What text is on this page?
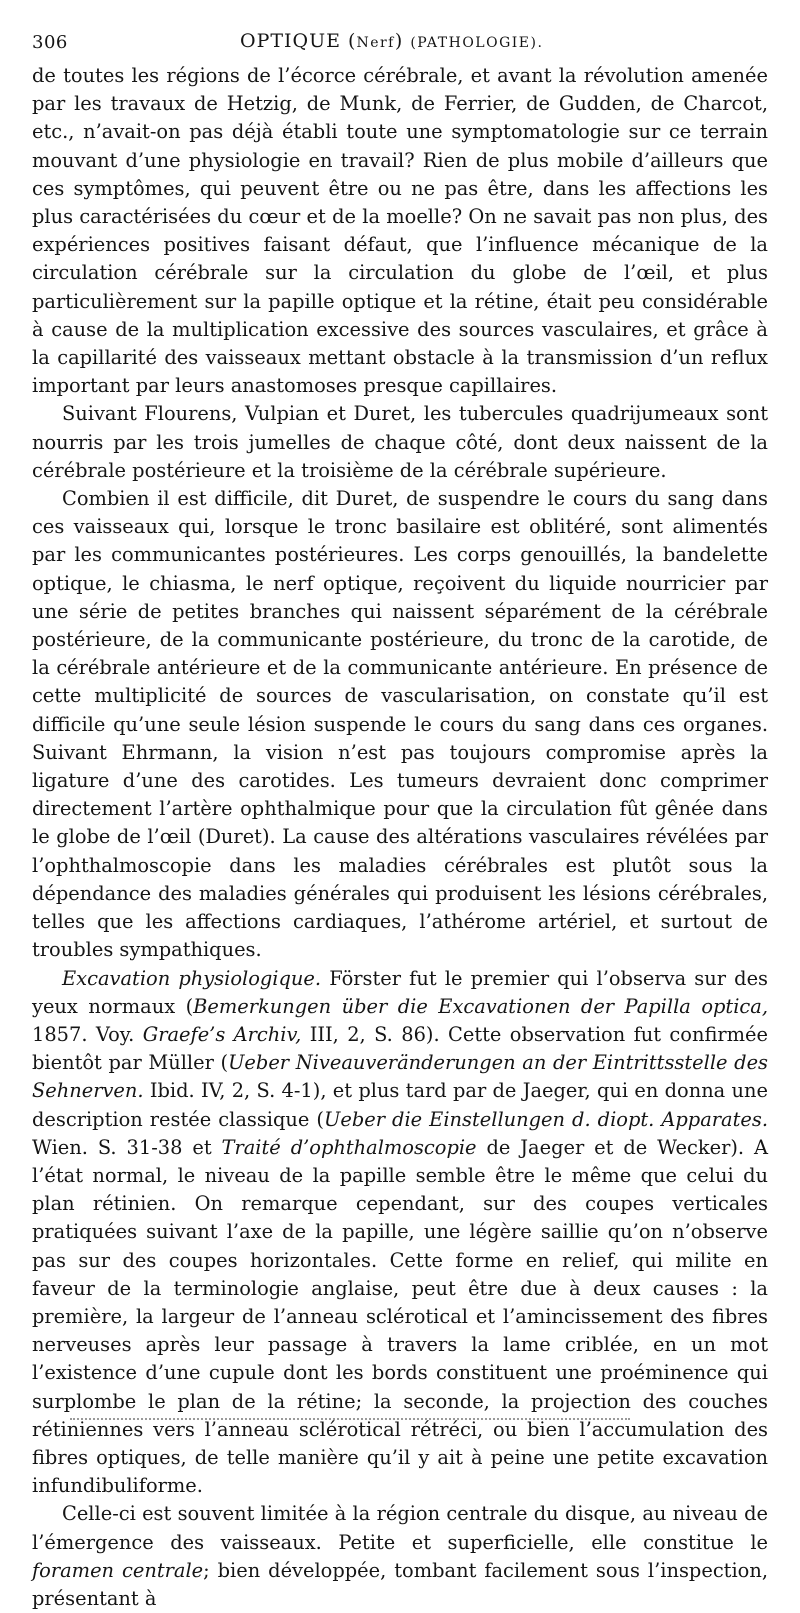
306	OPTIQUE (Nerf) (PATHOLOGIE).

de toutes les régions de l’écorce cérébrale, et avant la révolution amenée par les travaux de Hetzig, de Munk, de Ferrier, de Gudden, de Charcot, etc., n’avait-on pas déjà établi toute une symptomatologie sur ce terrain mouvant d’une physiologie en travail? Rien de plus mobile d’ailleurs que ces symptômes, qui peuvent être ou ne pas être, dans les affections les plus caractérisées du cœur et de la moelle? On ne savait pas non plus, des expériences positives faisant défaut, que l’influence mécanique de la circulation cérébrale sur la circulation du globe de l’œil, et plus particulièrement sur la papille optique et la rétine, était peu considérable à cause de la multiplication excessive des sources vasculaires, et grâce à la capillarité des vaisseaux mettant obstacle à la transmission d’un reflux important par leurs anastomoses presque capillaires.

Suivant Flourens, Vulpian et Duret, les tubercules quadrijumeaux sont nourris par les trois jumelles de chaque côté, dont deux naissent de la cérébrale postérieure et la troisième de la cérébrale supérieure.

Combien il est difficile, dit Duret, de suspendre le cours du sang dans ces vaisseaux qui, lorsque le tronc basilaire est oblitéré, sont alimentés par les communicantes postérieures. Les corps genouillés, la bandelette optique, le chiasma, le nerf optique, reçoivent du liquide nourricier par une série de petites branches qui naissent séparément de la cérébrale postérieure, de la communicante postérieure, du tronc de la carotide, de la cérébrale antérieure et de la communicante antérieure. En présence de cette multiplicité de sources de vascularisation, on constate qu’il est difficile qu’une seule lésion suspende le cours du sang dans ces organes. Suivant Ehrmann, la vision n’est pas toujours compromise après la ligature d’une des carotides. Les tumeurs devraient donc comprimer directement l’artère ophthalmique pour que la circulation fût gênée dans le globe de l’œil (Duret). La cause des altérations vasculaires révélées par l’ophthalmoscopie dans les maladies cérébrales est plutôt sous la dépendance des maladies générales qui produisent les lésions cérébrales, telles que les affections cardiaques, l’athérome artériel, et surtout de troubles sympathiques.

Excavation physiologique. Förster fut le premier qui l’observa sur des yeux normaux (Bemerkungen über die Excavationen der Papilla optica, 1857. Voy. Graefe’s Archiv, III, 2, S. 86). Cette observation fut confirmée bientôt par Müller (Ueber Niveauveränderungen an der Eintrittsstelle des Sehnerven. Ibid. IV, 2, S. 4-1), et plus tard par de Jaeger, qui en donna une description restée classique (Ueber die Einstellungen d. diopt. Apparates. Wien. S. 31-38 et Traité d’ophthalmoscopie de Jaeger et de Wecker). A l’état normal, le niveau de la papille semble être le même que celui du plan rétinien. On remarque cependant, sur des coupes verticales pratiquées suivant l’axe de la papille, une légère saillie qu’on n’observe pas sur des coupes horizontales. Cette forme en relief, qui milite en faveur de la terminologie anglaise, peut être due à deux causes : la première, la largeur de l’anneau sclérotical et l’amincissement des fibres nerveuses après leur passage à travers la lame criblée, en un mot l’existence d’une cupule dont les bords constituent une proéminence qui surplombe le plan de la rétine; la seconde, la projection des couches rétiniennes vers l’anneau sclérotical rétréci, ou bien l’accumulation des fibres optiques, de telle manière qu’il y ait à peine une petite excavation infundibuliforme.

Celle-ci est souvent limitée à la région centrale du disque, au niveau de l’émergence des vaisseaux. Petite et superficielle, elle constitue le foramen centrale; bien développée, tombant facilement sous l’inspection, présentant à
